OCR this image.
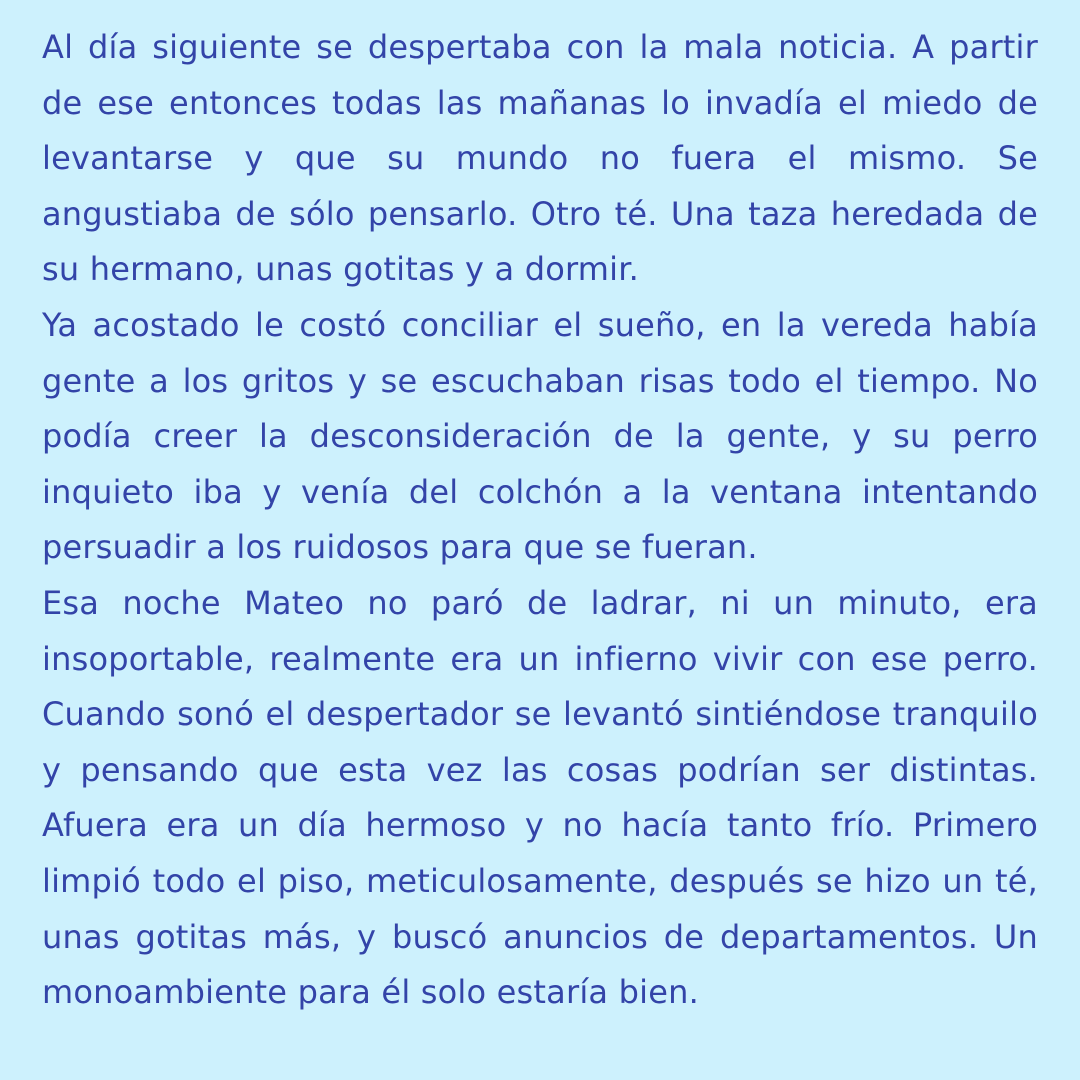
Al día siguiente se despertaba con la mala noticia. A partir de ese entonces todas las mañanas lo invadía el miedo de levantarse y que su mundo no fuera el mismo. Se angustiaba de sólo pensarlo. Otro té. Una taza heredada de su hermano, unas gotitas y a dormir.

Ya acostado le costó conciliar el sueño, en la vereda había gente a los gritos y se escuchaban risas todo el tiempo. No podía creer la desconsideración de la gente, y su perro inquieto iba y venía del colchón a la ventana intentando persuadir a los ruidosos para que se fueran.

Esa noche Mateo no paró de ladrar, ni un minuto, era insoportable, realmente era un infierno vivir con ese perro. Cuando sonó el despertador se levantó sintiéndose tranquilo y pensando que esta vez las cosas podrían ser distintas. Afuera era un día hermoso y no hacía tanto frío. Primero limpió todo el piso, meticulosamente, después se hizo un té, unas gotitas más, y buscó anuncios de departamentos. Un monoambiente para él solo estaría bien.
